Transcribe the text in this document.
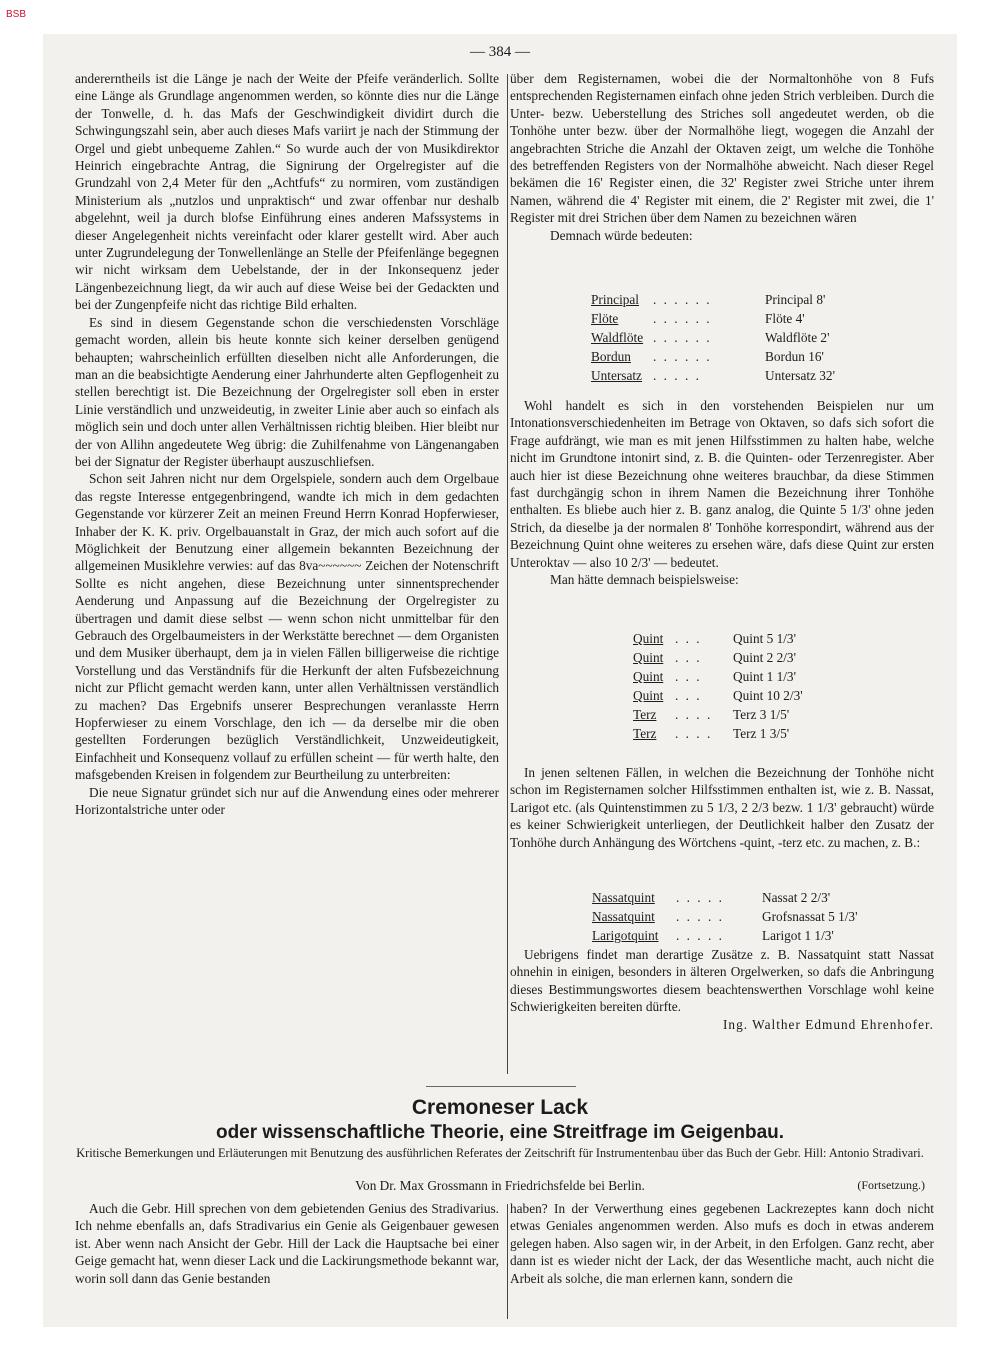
BSB
— 384 —

andererntheils ist die Länge je nach der Weite der Pfeife veränderlich. Sollte eine Länge als Grundlage angenommen werden, so könnte dies nur die Länge der Tonwelle, d. h. das Mafs der Geschwindigkeit dividirt durch die Schwingungszahl sein, aber auch dieses Mafs variirt je nach der Stimmung der Orgel und giebt unbequeme Zahlen.“ So wurde auch der von Musikdirektor Heinrich eingebrachte Antrag, die Signirung der Orgelregister auf die Grundzahl von 2,4 Meter für den „Achtfufs“ zu normiren, vom zuständigen Ministerium als „nutzlos und unpraktisch“ und zwar offenbar nur deshalb abgelehnt, weil ja durch blofse Einführung eines anderen Mafssystems in dieser Angelegenheit nichts vereinfacht oder klarer gestellt wird. Aber auch unter Zugrundelegung der Tonwellenlänge an Stelle der Pfeifenlänge begegnen wir nicht wirksam dem Uebelstande, der in der Inkonsequenz jeder Längenbezeichnung liegt, da wir auch auf diese Weise bei der Gedackten und bei der Zungenpfeife nicht das richtige Bild erhalten.

Es sind in diesem Gegenstande schon die verschiedensten Vorschläge gemacht worden, allein bis heute konnte sich keiner derselben genügend behaupten; wahrscheinlich erfüllten dieselben nicht alle Anforderungen, die man an die beabsichtigte Aenderung einer Jahrhunderte alten Gepflogenheit zu stellen berechtigt ist. Die Bezeichnung der Orgelregister soll eben in erster Linie verständlich und unzweideutig, in zweiter Linie aber auch so einfach als möglich sein und doch unter allen Verhältnissen richtig bleiben. Hier bleibt nur der von Allihn angedeutete Weg übrig: die Zuhilfenahme von Längenangaben bei der Signatur der Register überhaupt auszuschliefsen.

Schon seit Jahren nicht nur dem Orgelspiele, sondern auch dem Orgelbaue das regste Interesse entgegenbringend, wandte ich mich in dem gedachten Gegenstande vor kürzerer Zeit an meinen Freund Herrn Konrad Hopferwieser, Inhaber der K. K. priv. Orgelbauanstalt in Graz, der mich auch sofort auf die Möglichkeit der Benutzung einer allgemein bekannten Bezeichnung der allgemeinen Musiklehre verwies: auf das 8va~~~~~~ Zeichen der Notenschrift Sollte es nicht angehen, diese Bezeichnung unter sinnentsprechender Aenderung und Anpassung auf die Bezeichnung der Orgelregister zu übertragen und damit diese selbst — wenn schon nicht unmittelbar für den Gebrauch des Orgelbaumeisters in der Werkstätte berechnet — dem Organisten und dem Musiker überhaupt, dem ja in vielen Fällen billigerweise die richtige Vorstellung und das Verständnifs für die Herkunft der alten Fufsbezeichnung nicht zur Pflicht gemacht werden kann, unter allen Verhältnissen verständlich zu machen? Das Ergebnifs unserer Besprechungen veranlasste Herrn Hopferwieser zu einem Vorschlage, den ich — da derselbe mir die oben gestellten Forderungen bezüglich Verständlichkeit, Unzweideutigkeit, Einfachheit und Konsequenz vollauf zu erfüllen scheint — für werth halte, den mafsgebenden Kreisen in folgendem zur Beurtheilung zu unterbreiten:

Die neue Signatur gründet sich nur auf die Anwendung eines oder mehrerer Horizontalstriche unter oder

über dem Registernamen, wobei die der Normaltonhöhe von 8 Fufs entsprechenden Registernamen einfach ohne jeden Strich verbleiben. Durch die Unter- bezw. Ueberstellung des Striches soll angedeutet werden, ob die Tonhöhe unter bezw. über der Normalhöhe liegt, wogegen die Anzahl der angebrachten Striche die Anzahl der Oktaven zeigt, um welche die Tonhöhe des betreffenden Registers von der Normalhöhe abweicht. Nach dieser Regel bekämen die 16' Register einen, die 32' Register zwei Striche unter ihrem Namen, während die 4' Register mit einem, die 2' Register mit zwei, die 1' Register mit drei Strichen über dem Namen zu bezeichnen wären

Demnach würde bedeuten:

Principal	. . . . . .	Principal 8'
Flöte	. . . . . .	Flöte 4'
Waldflöte . . . . . .	Waldflöte 2'
Bordun	. . . . . .	Bordun 16'
Untersatz . . . . .	Untersatz 32'

Wohl handelt es sich in den vorstehenden Beispielen nur um Intonationsverschiedenheiten im Betrage von Oktaven, so dafs sich sofort die Frage aufdrängt, wie man es mit jenen Hilfsstimmen zu halten habe, welche nicht im Grundtone intonirt sind, z. B. die Quinten- oder Terzenregister. Aber auch hier ist diese Bezeichnung ohne weiteres brauchbar, da diese Stimmen fast durchgängig schon in ihrem Namen die Bezeichnung ihrer Tonhöhe enthalten. Es bliebe auch hier z. B. ganz analog, die Quinte 5 1/3' ohne jeden Strich, da dieselbe ja der normalen 8' Tonhöhe korrespondirt, während aus der Bezeichnung Quint ohne weiteres zu ersehen wäre, dafs diese Quint zur ersten Unteroktav — also 10 2/3' — bedeutet.

Man hätte demnach beispielsweise:

Quint . . .	Quint 5 1/3'
Quint . . .	Quint 2 2/3'
Quint . . .	Quint 1 1/3'
Quint . . .	Quint 10 2/3'
Terz	. . . .	Terz 3 1/5'
Terz	. . . .	Terz 1 3/5'

In jenen seltenen Fällen, in welchen die Bezeichnung der Tonhöhe nicht schon im Registernamen solcher Hilfsstimmen enthalten ist, wie z. B. Nassat, Larigot etc. (als Quintenstimmen zu 5 1/3, 2 2/3 bezw. 1 1/3' gebraucht) würde es keiner Schwierigkeit unterliegen, der Deutlichkeit halber den Zusatz der Tonhöhe durch Anhängung des Wörtchens -quint, -terz etc. zu machen, z. B.:

Nassatquint	. . . . .	Nassat 2 2/3'
Nassatquint	. . . . .	Grofsnassat 5 1/3'
Larigotquint	. . . . .	Larigot 1 1/3'

Uebrigens findet man derartige Zusätze z. B. Nassatquint statt Nassat ohnehin in einigen, besonders in älteren Orgelwerken, so dafs die Anbringung dieses Bestimmungswortes diesem beachtenswerthen Vorschlage wohl keine Schwierigkeiten bereiten dürfte.

Ing. Walther Edmund Ehrenhofer.
Cremoneser Lack
oder wissenschaftliche Theorie, eine Streitfrage im Geigenbau.
Kritische Bemerkungen und Erläuterungen mit Benutzung des ausführlichen Referates der Zeitschrift für Instrumentenbau über das Buch der Gebr. Hill: Antonio Stradivari.
Von Dr. Max Grossmann in Friedrichsfelde bei Berlin.	(Fortsetzung.)

Auch die Gebr. Hill sprechen von dem gebietenden Genius des Stradivarius. Ich nehme ebenfalls an, dafs Stradivarius ein Genie als Geigenbauer gewesen ist. Aber wenn nach Ansicht der Gebr. Hill der Lack die Hauptsache bei einer Geige gemacht hat, wenn dieser Lack und die Lackirungsmethode bekannt war, worin soll dann das Genie bestanden

haben? In der Verwerthung eines gegebenen Lackrezeptes kann doch nicht etwas Geniales angenommen werden. Also mufs es doch in etwas anderem gelegen haben. Also sagen wir, in der Arbeit, in den Erfolgen. Ganz recht, aber dann ist es wieder nicht der Lack, der das Wesentliche macht, auch nicht die Arbeit als solche, die man erlernen kann, sondern die
